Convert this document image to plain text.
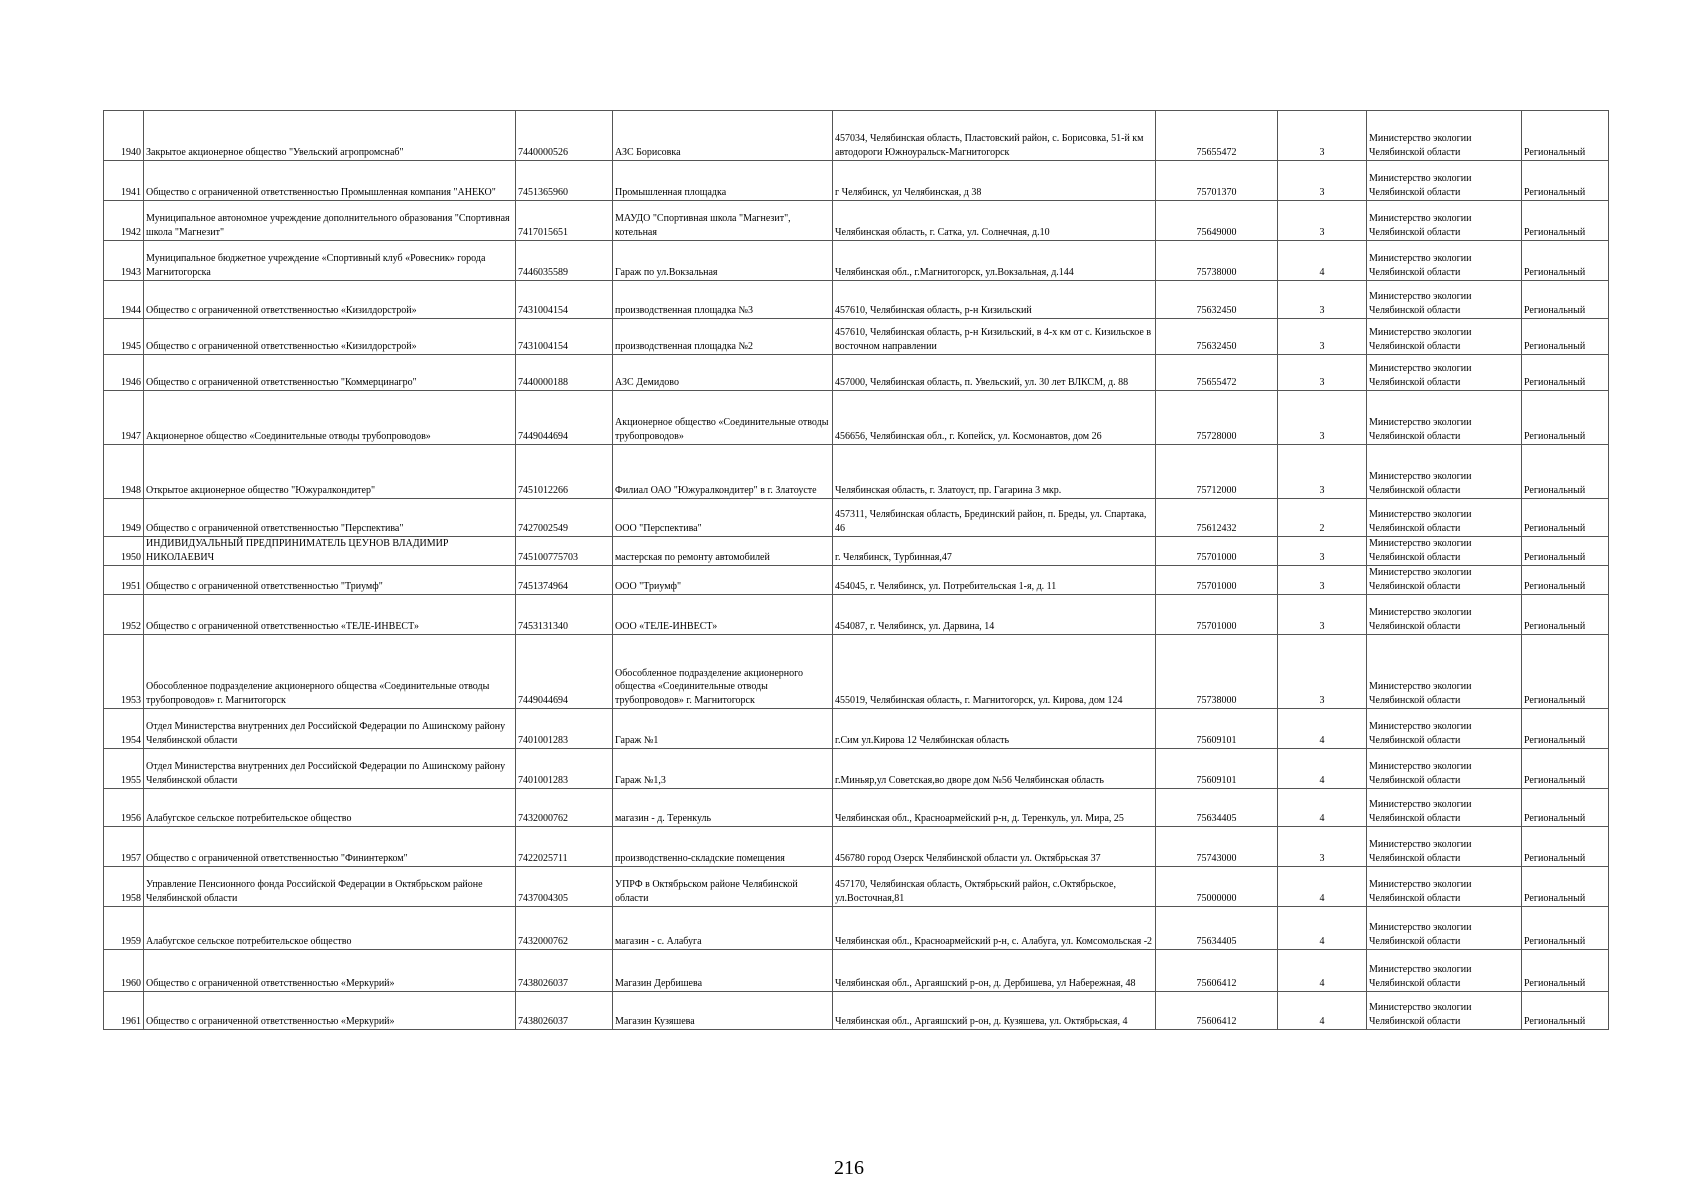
1940	Закрытое акционерное общество "Увельский агропромснаб"	7440000526	АЗС Борисовка	457034, Челябинская область, Пластовский район, с. Борисовка, 51-й км автодороги Южноуральск-Магнитогорск	75655472	3	Министерство экологии Челябинской области	Региональный
1941	Общество с ограниченной ответственностью Промышленная компания "АНЕКО"	7451365960	Промышленная площадка	г Челябинск, ул Челябинская, д 38	75701370	3	Министерство экологии Челябинской области	Региональный
1942	Муниципальное автономное учреждение дополнительного образования "Спортивная школа "Магнезит"	7417015651	МАУДО "Спортивная школа "Магнезит", котельная	Челябинская область, г. Сатка, ул. Солнечная, д.10	75649000	3	Министерство экологии Челябинской области	Региональный
1943	Муниципальное бюджетное учреждение «Спортивный клуб «Ровесник» города Магнитогорска	7446035589	Гараж по ул.Вокзальная	Челябинская обл., г.Магнитогорск, ул.Вокзальная, д.144	75738000	4	Министерство экологии Челябинской области	Региональный
1944	Общество с ограниченной ответственностью «Кизилдорстрой»	7431004154	производственная площадка №3	457610, Челябинская область, р-н Кизильский	75632450	3	Министерство экологии Челябинской области	Региональный
1945	Общество с ограниченной ответственностью «Кизилдорстрой»	7431004154	производственная площадка №2	457610, Челябинская область, р-н Кизильский, в 4-х км от с. Кизильское в восточном направлении	75632450	3	Министерство экологии Челябинской области	Региональный
1946	Общество с ограниченной ответственностью "Коммерцинагро"	7440000188	АЗС Демидово	457000, Челябинская область, п. Увельский, ул. 30 лет ВЛКСМ, д. 88	75655472	3	Министерство экологии Челябинской области	Региональный
1947	Акционерное общество «Соединительные отводы трубопроводов»	7449044694	Акционерное общество «Соединительные отводы трубопроводов»	456656, Челябинская обл., г. Копейск, ул. Космонавтов, дом 26	75728000	3	Министерство экологии Челябинской области	Региональный
1948	Открытое акционерное общество "Южуралкондитер"	7451012266	Филиал ОАО "Южуралкондитер" в г. Златоусте	Челябинская область, г. Златоуст, пр. Гагарина 3 мкр.	75712000	3	Министерство экологии Челябинской области	Региональный
1949	Общество с ограниченной ответственностью "Перспектива"	7427002549	ООО "Перспектива"	457311, Челябинская область, Брединский район, п. Бреды, ул. Спартака, 46	75612432	2	Министерство экологии Челябинской области	Региональный
1950	ИНДИВИДУАЛЬНЫЙ ПРЕДПРИНИМАТЕЛЬ ЦЕУНОВ ВЛАДИМИР НИКОЛАЕВИЧ	745100775703	мастерская по ремонту автомобилей	г. Челябинск, Турбинная,47	75701000	3	Министерство экологии Челябинской области	Региональный
1951	Общество с ограниченной ответственностью "Триумф"	7451374964	ООО "Триумф"	454045, г. Челябинск, ул. Потребительская 1-я, д. 11	75701000	3	Министерство экологии Челябинской области	Региональный
1952	Общество с ограниченной ответственностью «ТЕЛЕ-ИНВЕСТ»	7453131340	ООО «ТЕЛЕ-ИНВЕСТ»	454087, г. Челябинск, ул. Дарвина, 14	75701000	3	Министерство экологии Челябинской области	Региональный
1953	Обособленное подразделение акционерного общества «Соединительные отводы трубопроводов» г. Магнитогорск	7449044694	Обособленное подразделение акционерного общества «Соединительные отводы трубопроводов» г. Магнитогорск	455019, Челябинская область, г. Магнитогорск, ул. Кирова, дом 124	75738000	3	Министерство экологии Челябинской области	Региональный
1954	Отдел Министерства внутренних дел Российской Федерации по Ашинскому району Челябинской области	7401001283	Гараж №1	г.Сим ул.Кирова 12 Челябинская область	75609101	4	Министерство экологии Челябинской области	Региональный
1955	Отдел Министерства внутренних дел Российской Федерации по Ашинскому району Челябинской области	7401001283	Гараж №1,3	г.Миньяр,ул Советская,во дворе дом №56 Челябинская область	75609101	4	Министерство экологии Челябинской области	Региональный
1956	Алабугское сельское потребительское общество	7432000762	магазин - д. Теренкуль	Челябинская обл., Красноармейский р-н, д. Теренкуль, ул. Мира, 25	75634405	4	Министерство экологии Челябинской области	Региональный
1957	Общество с ограниченной ответственностью "Фининтерком"	7422025711	производственно-складские помещения	456780 город Озерск Челябинской области ул. Октябрьская 37	75743000	3	Министерство экологии Челябинской области	Региональный
1958	Управление Пенсионного фонда Российской Федерации в Октябрьском районе Челябинской области	7437004305	УПРФ в Октябрьском районе Челябинской области	457170, Челябинская область, Октябрьский район, с.Октябрьское, ул.Восточная,81	75000000	4	Министерство экологии Челябинской области	Региональный
1959	Алабугское сельское потребительское общество	7432000762	магазин - с. Алабуга	Челябинская обл., Красноармейский р-н, с. Алабуга, ул. Комсомольская -2	75634405	4	Министерство экологии Челябинской области	Региональный
1960	Общество с ограниченной ответственностью «Меркурий»	7438026037	Магазин Дербишева	Челябинская обл., Аргаяшский р-он, д. Дербишева, ул Набережная, 48	75606412	4	Министерство экологии Челябинской области	Региональный
1961	Общество с ограниченной ответственностью «Меркурий»	7438026037	Магазин Кузяшева	Челябинская обл., Аргаяшский р-он, д. Кузяшева, ул. Октябрьская, 4	75606412	4	Министерство экологии Челябинской области	Региональный
216
